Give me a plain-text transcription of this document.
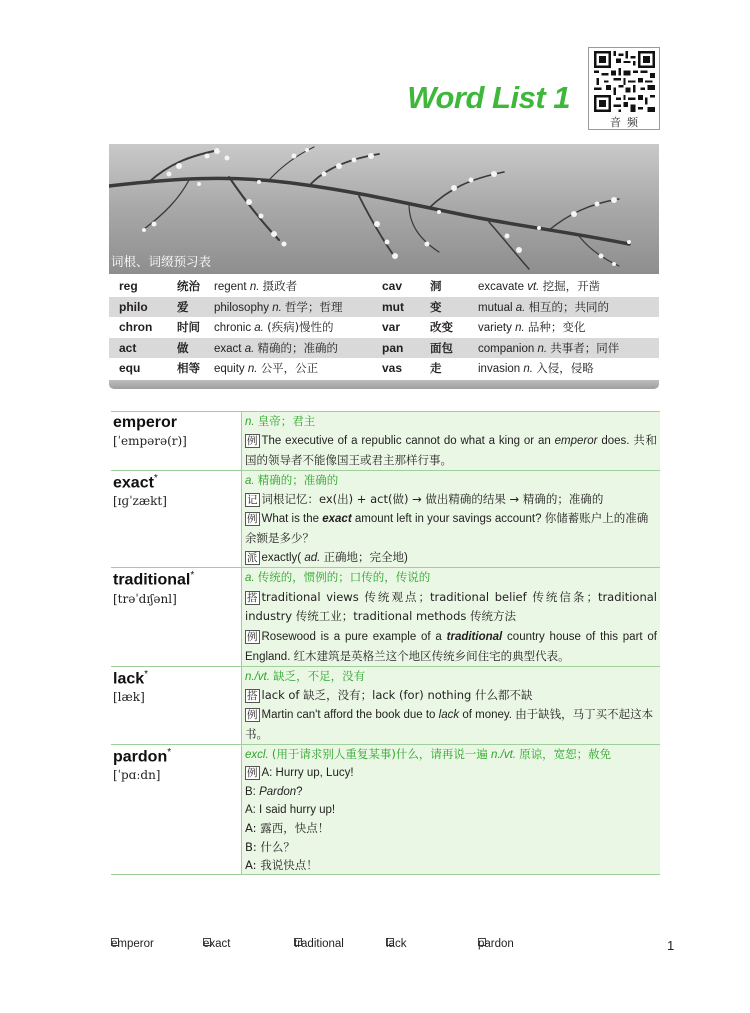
Word List 1
音频
词根、词缀预习表
reg	统治	regent n. 摄政者	cav	洞	excavate vt. 挖掘，开凿
philo	爱	philosophy n. 哲学；哲理	mut	变	mutual a. 相互的；共同的
chron	时间	chronic a. (疾病)慢性的	var	改变	variety n. 品种；变化
act	做	exact a. 精确的；准确的	pan	面包	companion n. 共事者；同伴
equ	相等	equity n. 公平，公正	vas	走	invasion n. 入侵，侵略
emperor
[ˈempərə(r)]
n. 皇帝；君主
例 The executive of a republic cannot do what a king or an emperor does. 共和国的领导者不能像国王或君主那样行事。
exact*
[ɪɡˈzækt]
a. 精确的；准确的
记 词根记忆：ex(出) + act(做) → 做出精确的结果 → 精确的；准确的
例 What is the exact amount left in your savings account? 你储蓄账户上的准确余额是多少？
派 exactly( ad. 正确地；完全地)
traditional*
[trəˈdɪʃənl]
a. 传统的，惯例的；口传的，传说的
搭 traditional views 传统观点；traditional belief 传统信条；traditional industry 传统工业；traditional methods 传统方法
例 Rosewood is a pure example of a traditional country house of this part of England. 红木建筑是英格兰这个地区传统乡间住宅的典型代表。
lack*
[læk]
n./vt. 缺乏，不足，没有
搭 lack of 缺乏，没有；lack (for) nothing 什么都不缺
例 Martin can't afford the book due to lack of money. 由于缺钱，马丁买不起这本书。
pardon*
[ˈpɑːdn]
excl. (用于请求别人重复某事)什么，请再说一遍 n./vt. 原谅，宽恕；赦免
例 A: Hurry up, Lucy!
B: Pardon?
A: I said hurry up!
A: 露西，快点！
B: 什么？
A: 我说快点！
emperor	exact	traditional	lack	pardon	1
